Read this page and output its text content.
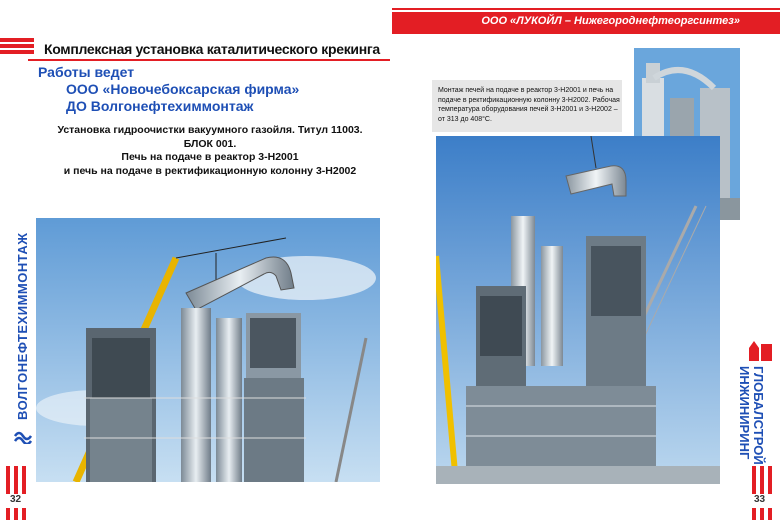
ООО «ЛУКОЙЛ – Нижегороднефтеоргсинтез»
Комплексная установка каталитического крекинга
Работы ведет
ООО «Новочебоксарская фирма»
ДО Волгонефтехиммонтаж
Установка гидроочистки вакуумного газойля. Титул 11003.
БЛОК 001.
Печь на подаче в реактор 3-Н2001
и печь на подаче в ректификационную колонну 3-Н2002
ВОЛГОНЕФТЕХИММОНТАЖ
32
Монтаж печей на подаче в реактор 3-Н2001 и печь на подаче в ректификационную колонну 3-Н2002. Рабочая температура оборудования печей 3-Н2001 и 3-Н2002 – от 313 до 408°С.
ГЛОБАЛСТРОЙ
ИНЖИНИРИНГ
33
